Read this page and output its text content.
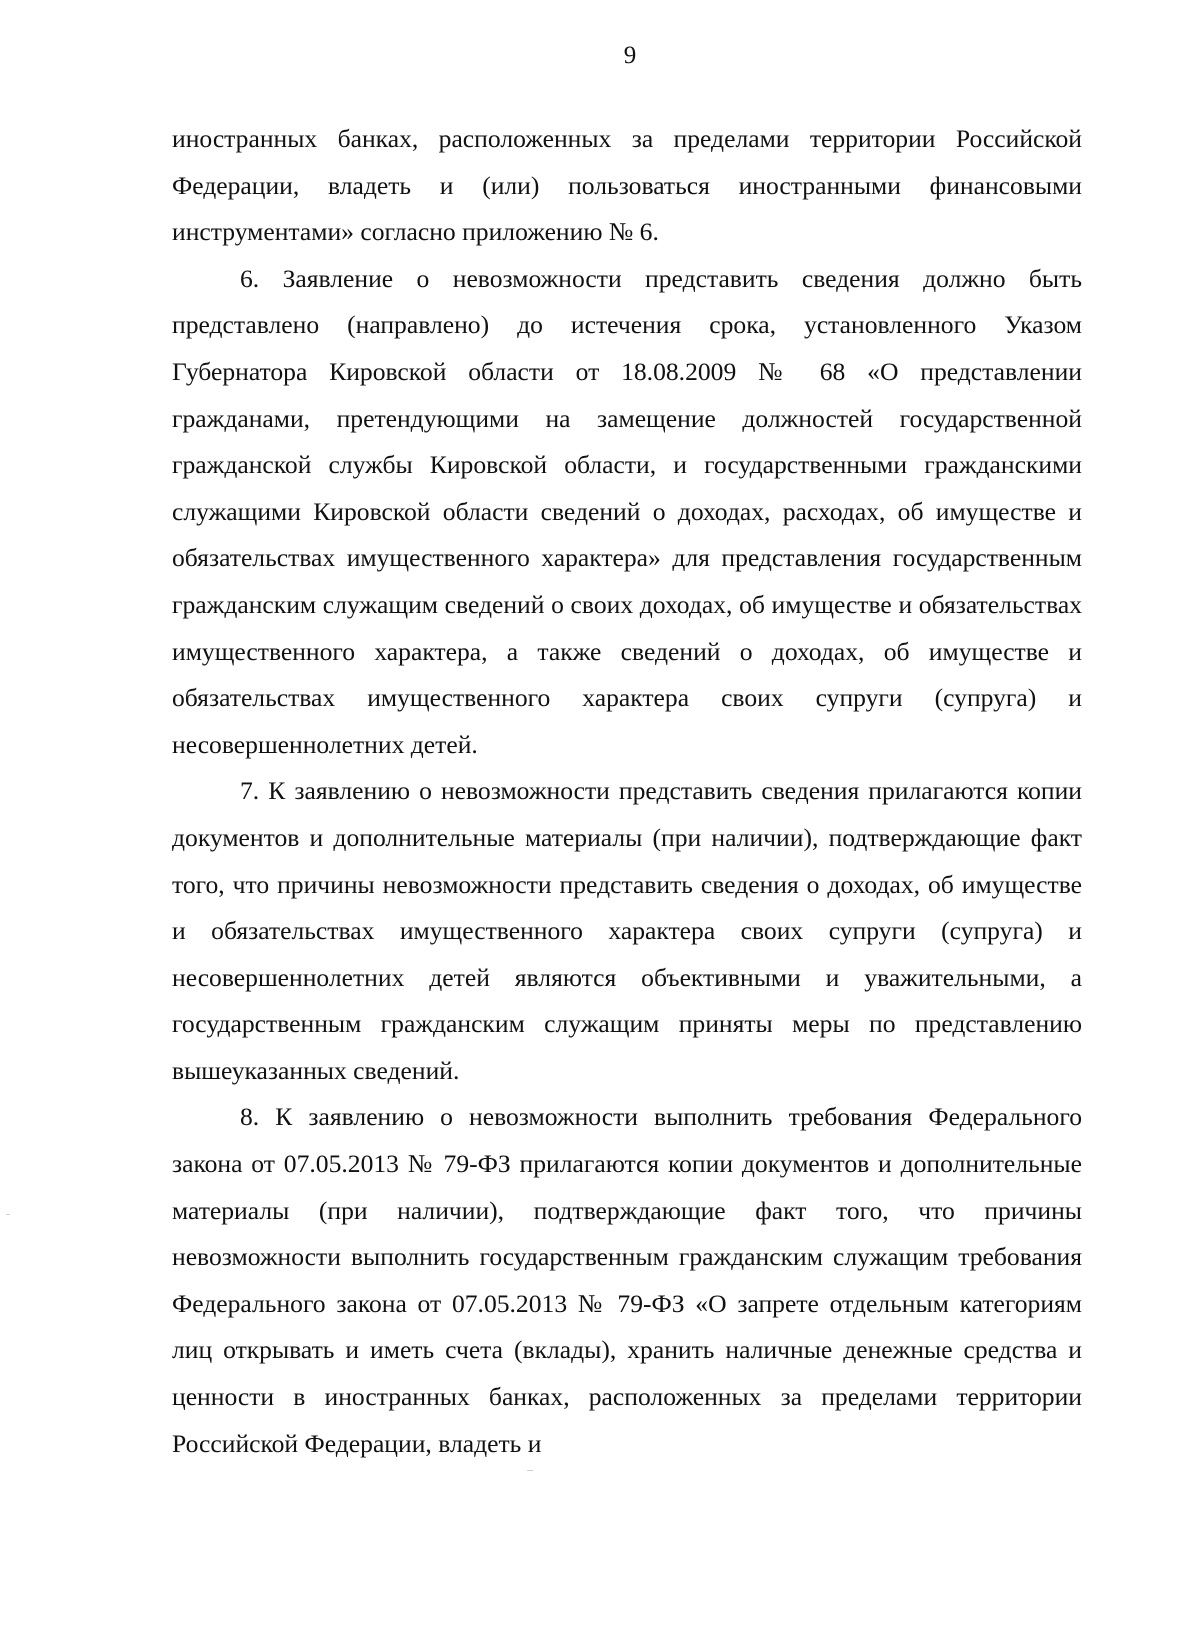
9

иностранных банках, расположенных за пределами территории Российской Федерации, владеть и (или) пользоваться иностранными финансовыми инструментами» согласно приложению № 6.

6. Заявление о невозможности представить сведения должно быть представлено (направлено) до истечения срока, установленного Указом Губернатора Кировской области от 18.08.2009 № 68 «О представлении гражданами, претендующими на замещение должностей государственной гражданской службы Кировской области, и государственными гражданскими служащими Кировской области сведений о доходах, расходах, об имуществе и обязательствах имущественного характера» для представления государственным гражданским служащим сведений о своих доходах, об имуществе и обязательствах имущественного характера, а также сведений о доходах, об имуществе и обязательствах имущественного характера своих супруги (супруга) и несовершеннолетних детей.

7. К заявлению о невозможности представить сведения прилагаются копии документов и дополнительные материалы (при наличии), подтверждающие факт того, что причины невозможности представить сведения о доходах, об имуществе и обязательствах имущественного характера своих супруги (супруга) и несовершеннолетних детей являются объективными и уважительными, а государственным гражданским служащим приняты меры по представлению вышеуказанных сведений.

8. К заявлению о невозможности выполнить требования Федерального закона от 07.05.2013 № 79-ФЗ прилагаются копии документов и дополнительные материалы (при наличии), подтверждающие факт того, что причины невозможности выполнить государственным гражданским служащим требования Федерального закона от 07.05.2013 № 79-ФЗ «О запрете отдельным категориям лиц открывать и иметь счета (вклады), хранить наличные денежные средства и ценности в иностранных банках, расположенных за пределами территории Российской Федерации, владеть и
